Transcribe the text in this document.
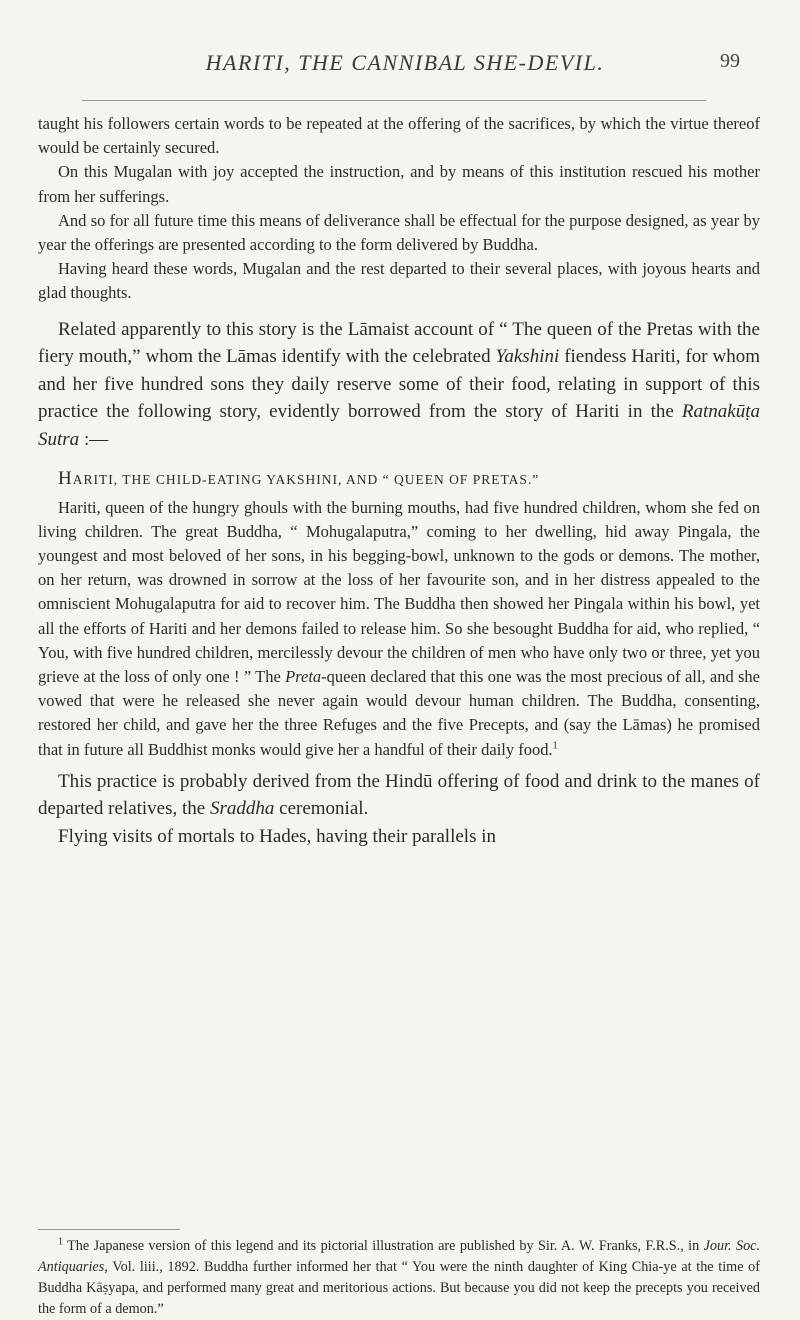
HARITI, THE CANNIBAL SHE-DEVIL.	99

taught his followers certain words to be repeated at the offering of the sacrifices, by which the virtue thereof would be certainly secured.

On this Mugalan with joy accepted the instruction, and by means of this institution rescued his mother from her sufferings.

And so for all future time this means of deliverance shall be effectual for the purpose designed, as year by year the offerings are presented according to the form delivered by Buddha.

Having heard these words, Mugalan and the rest departed to their several places, with joyous hearts and glad thoughts.

Related apparently to this story is the Lāmaist account of “ The queen of the Pretas with the fiery mouth,” whom the Lāmas identify with the celebrated Yakshini fiendess Hariti, for whom and her five hundred sons they daily reserve some of their food, relating in support of this practice the following story, evidently borrowed from the story of Hariti in the Ratnakūṭa Sutra :—

HARITI, THE CHILD-EATING YAKSHINI, AND “ QUEEN OF PRETAS.”

Hariti, queen of the hungry ghouls with the burning mouths, had five hundred children, whom she fed on living children. The great Buddha, “ Mohugalaputra,” coming to her dwelling, hid away Pingala, the youngest and most beloved of her sons, in his begging-bowl, unknown to the gods or demons. The mother, on her return, was drowned in sorrow at the loss of her favourite son, and in her distress appealed to the omniscient Mohugalaputra for aid to recover him. The Buddha then showed her Pingala within his bowl, yet all the efforts of Hariti and her demons failed to release him. So she besought Buddha for aid, who replied, “ You, with five hundred children, mercilessly devour the children of men who have only two or three, yet you grieve at the loss of only one ! ” The Preta-queen declared that this one was the most precious of all, and she vowed that were he released she never again would devour human children. The Buddha, consenting, restored her child, and gave her the three Refuges and the five Precepts, and (say the Lāmas) he promised that in future all Buddhist monks would give her a handful of their daily food.$^1$

This practice is probably derived from the Hindū offering of food and drink to the manes of departed relatives, the Sraddha ceremonial.

Flying visits of mortals to Hades, having their parallels in

$^1$ The Japanese version of this legend and its pictorial illustration are published by Sir. A. W. Franks, F.R.S., in Jour. Soc. Antiquaries, Vol. liii., 1892. Buddha further informed her that “ You were the ninth daughter of King Chia-ye at the time of Buddha Kāṣyapa, and performed many great and meritorious actions. But because you did not keep the precepts you received the form of a demon.”
